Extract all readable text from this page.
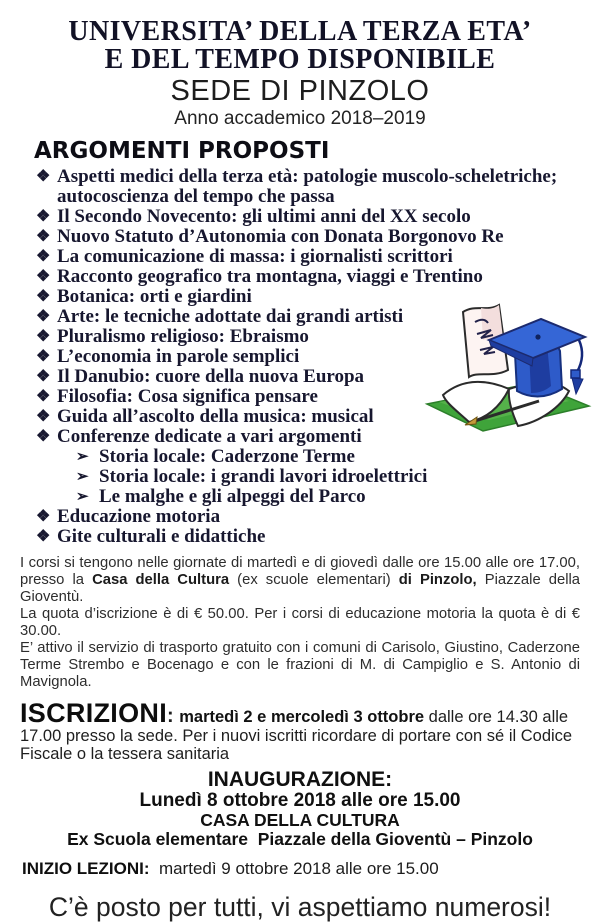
UNIVERSITA’ DELLA TERZA ETA’
E DEL TEMPO DISPONIBILE
SEDE DI PINZOLO
Anno accademico 2018–2019
ARGOMENTI PROPOSTI
❖ Aspetti medici della terza età: patologie muscolo-scheletriche; autocoscienza del tempo che passa
❖ Il Secondo Novecento: gli ultimi anni del XX secolo
❖ Nuovo Statuto d’Autonomia con Donata Borgonovo Re
❖ La comunicazione di massa: i giornalisti scrittori
❖ Racconto geografico tra montagna, viaggi e Trentino
❖ Botanica: orti e giardini
❖ Arte: le tecniche adottate dai grandi artisti
❖ Pluralismo religioso: Ebraismo
❖ L’economia in parole semplici
❖ Il Danubio: cuore della nuova Europa
❖ Filosofia: Cosa significa pensare
❖ Guida all’ascolto della musica: musical
❖ Conferenze dedicate a vari argomenti
➢ Storia locale: Caderzone Terme
➢ Storia locale: i grandi lavori idroelettrici
➢ Le malghe e gli alpeggi del Parco
❖ Educazione motoria
❖ Gite culturali e didattiche

I corsi si tengono nelle giornate di martedì e di giovedì dalle ore 15.00 alle ore 17.00, presso la Casa della Cultura (ex scuole elementari) di Pinzolo, Piazzale della Gioventù.

La quota d’iscrizione è di € 50.00. Per i corsi di educazione motoria la quota è di € 30.00.

E’ attivo il servizio di trasporto gratuito con i comuni di Carisolo, Giustino, Caderzone Terme Strembo e Bocenago e con le frazioni di M. di Campiglio e S. Antonio di Mavignola.

ISCRIZIONI: martedì 2 e mercoledì 3 ottobre dalle ore 14.30 alle 17.00 presso la sede. Per i nuovi iscritti ricordare di portare con sé il Codice Fiscale o la tessera sanitaria

INAUGURAZIONE:
Lunedì 8 ottobre 2018 alle ore 15.00
CASA DELLA CULTURA
Ex Scuola elementare  Piazzale della Gioventù – Pinzolo

INIZIO LEZIONI:  martedì 9 ottobre 2018 alle ore 15.00

C’è posto per tutti, vi aspettiamo numerosi!
